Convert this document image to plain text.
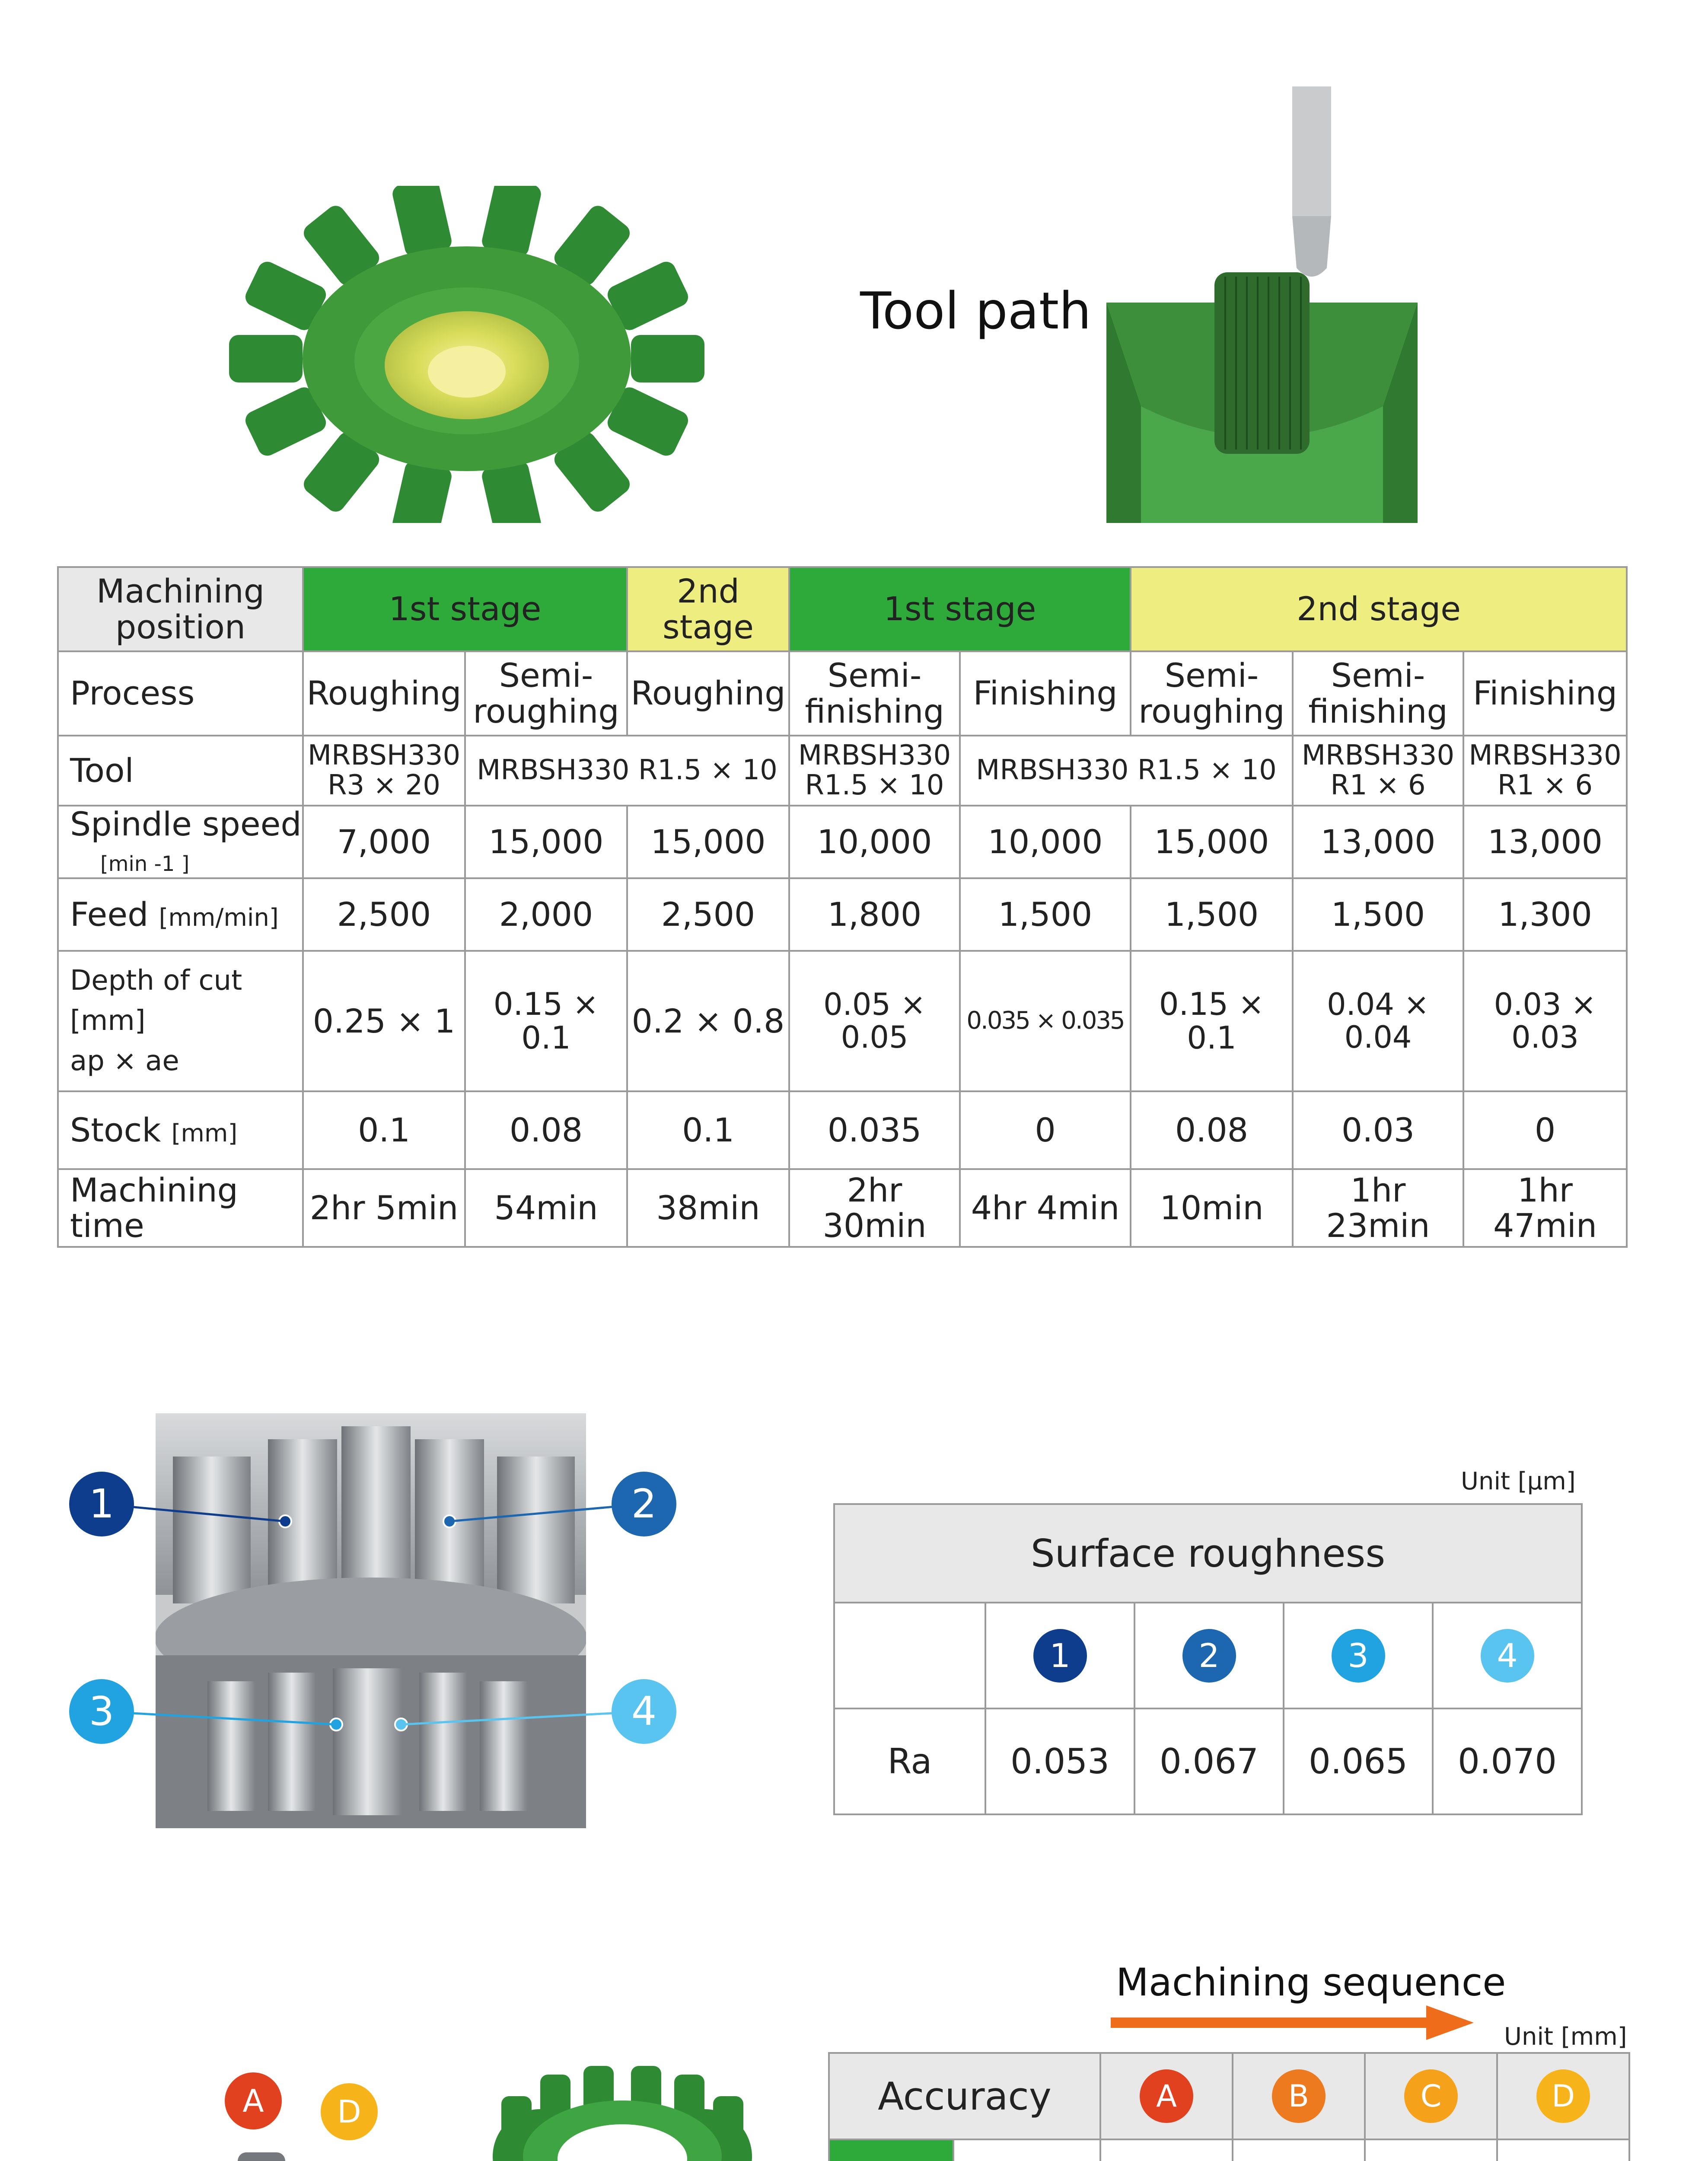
Tool path
Machining position	1st stage		2nd stage	1st stage		2nd stage		
Process	Roughing	Semi-roughing	Roughing	Semi-finishing	Finishing	Semi-roughing	Semi-finishing	Finishing
Tool	MRBSH330 R3 × 20	MRBSH330 R1.5 × 10		MRBSH330 R1.5 × 10	MRBSH330 R1.5 × 10		MRBSH330 R1 × 6	MRBSH330 R1 × 6
Spindle speed
[min -1 ]	7,000	15,000	15,000	10,000	10,000	15,000	13,000	13,000
Feed [mm/min]	2,500	2,000	2,500	1,800	1,500	1,500	1,500	1,300
Depth of cut [mm]
ap × ae	0.25 × 1	0.15 × 0.1	0.2 × 0.8	0.05 × 0.05	0.035 × 0.035	0.15 × 0.1	0.04 × 0.04	0.03 × 0.03
Stock [mm]	0.1	0.08	0.1	0.035	0	0.08	0.03	0
Machining time	2hr 5min	54min	38min	2hr 30min	4hr 4min	10min	1hr 23min	1hr 47min
1	2
3	4
Unit [μm]
Surface roughness				
	1	2	3	4
Ra	0.053	0.067	0.065	0.070
A	D
Machining sequence
Unit [mm]
Accuracy		A	B	C	D
